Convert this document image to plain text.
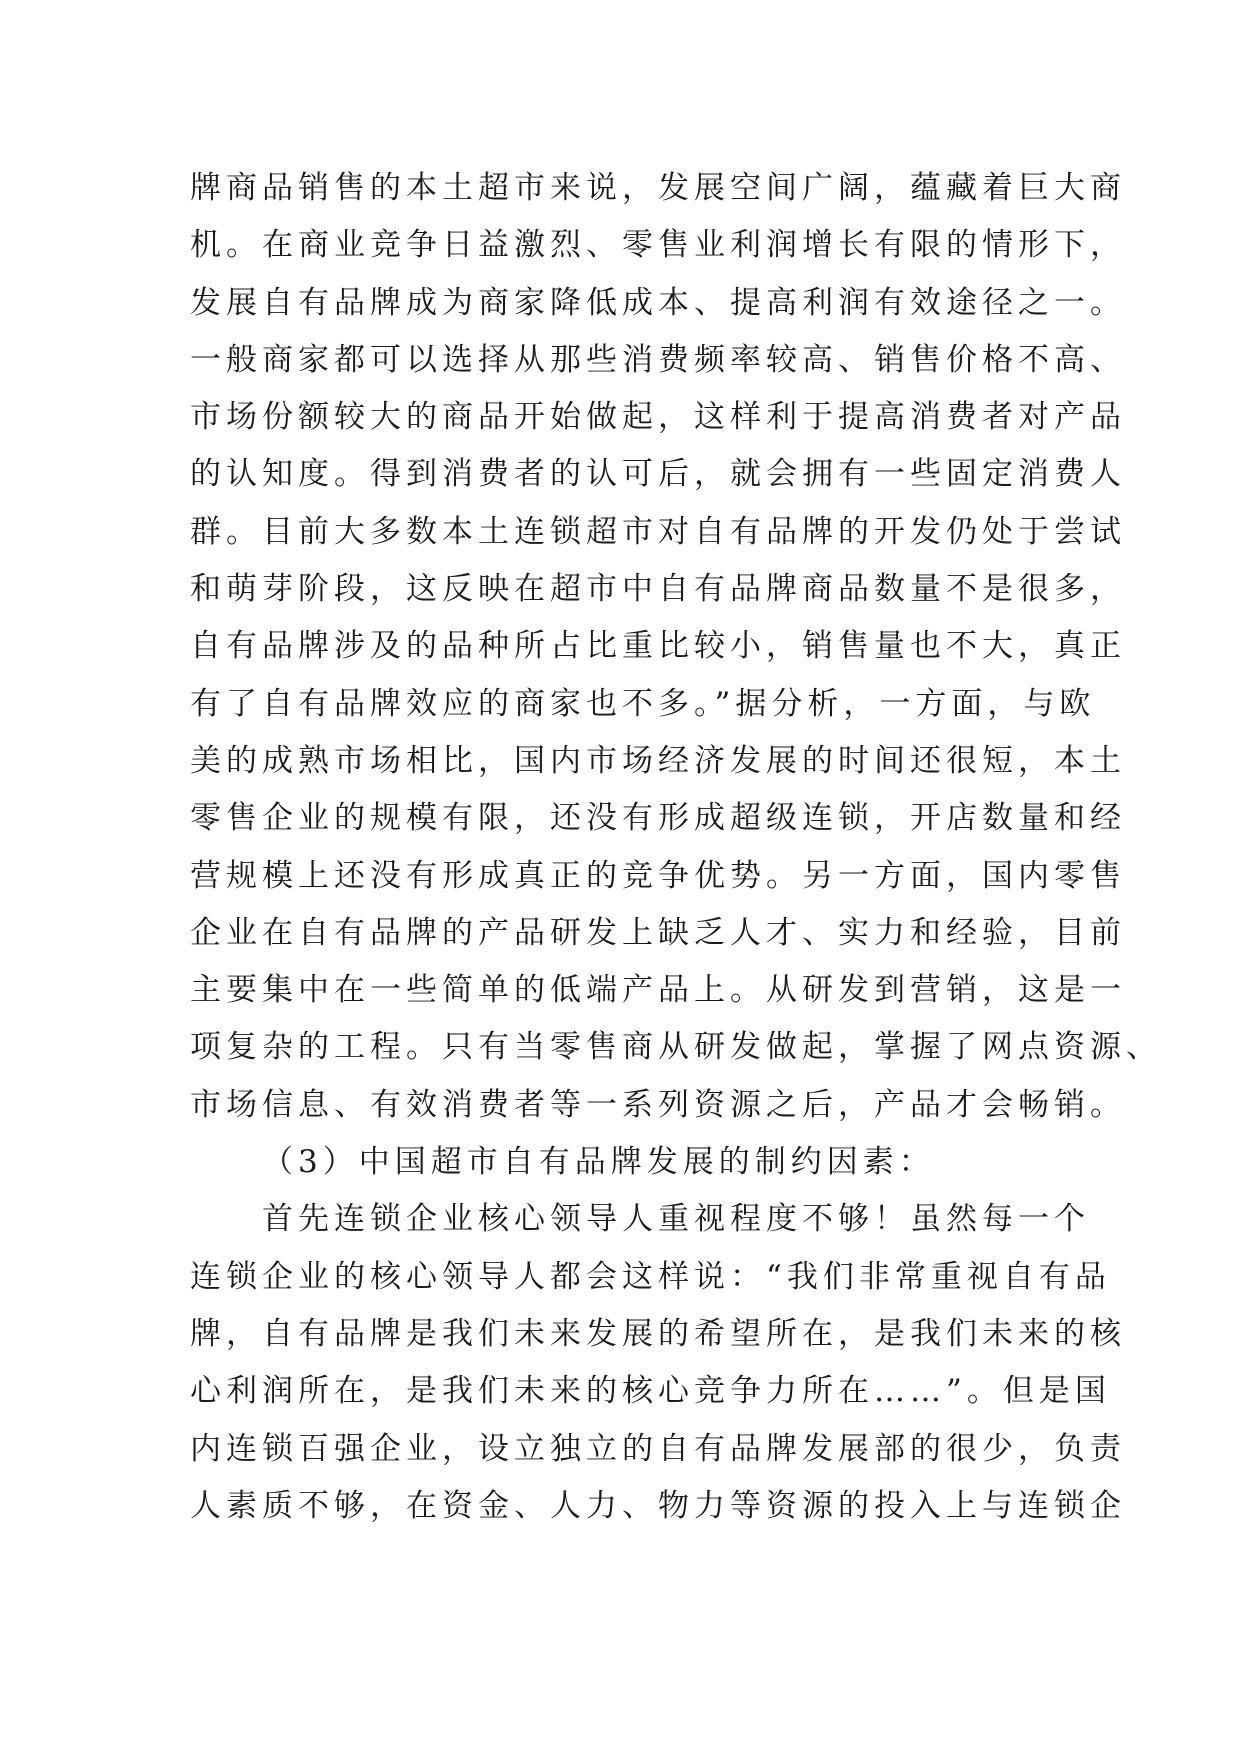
牌商品销售的本土超市来说，发展空间广阔，蕴藏着巨大商
机。在商业竞争日益激烈、零售业利润增长有限的情形下，
发展自有品牌成为商家降低成本、提高利润有效途径之一。
一般商家都可以选择从那些消费频率较高、销售价格不高、
市场份额较大的商品开始做起，这样利于提高消费者对产品
的认知度。得到消费者的认可后，就会拥有一些固定消费人
群。目前大多数本土连锁超市对自有品牌的开发仍处于尝试
和萌芽阶段，这反映在超市中自有品牌商品数量不是很多，
自有品牌涉及的品种所占比重比较小，销售量也不大，真正
有了自有品牌效应的商家也不多。”据分析，一方面，与欧
美的成熟市场相比，国内市场经济发展的时间还很短，本土
零售企业的规模有限，还没有形成超级连锁，开店数量和经
营规模上还没有形成真正的竞争优势。另一方面，国内零售
企业在自有品牌的产品研发上缺乏人才、实力和经验，目前
主要集中在一些简单的低端产品上。从研发到营销，这是一
项复杂的工程。只有当零售商从研发做起，掌握了网点资源、
市场信息、有效消费者等一系列资源之后，产品才会畅销。
（3）中国超市自有品牌发展的制约因素：
首先连锁企业核心领导人重视程度不够！虽然每一个
连锁企业的核心领导人都会这样说：“我们非常重视自有品
牌，自有品牌是我们未来发展的希望所在，是我们未来的核
心利润所在，是我们未来的核心竞争力所在……”。但是国
内连锁百强企业，设立独立的自有品牌发展部的很少，负责
人素质不够，在资金、人力、物力等资源的投入上与连锁企
